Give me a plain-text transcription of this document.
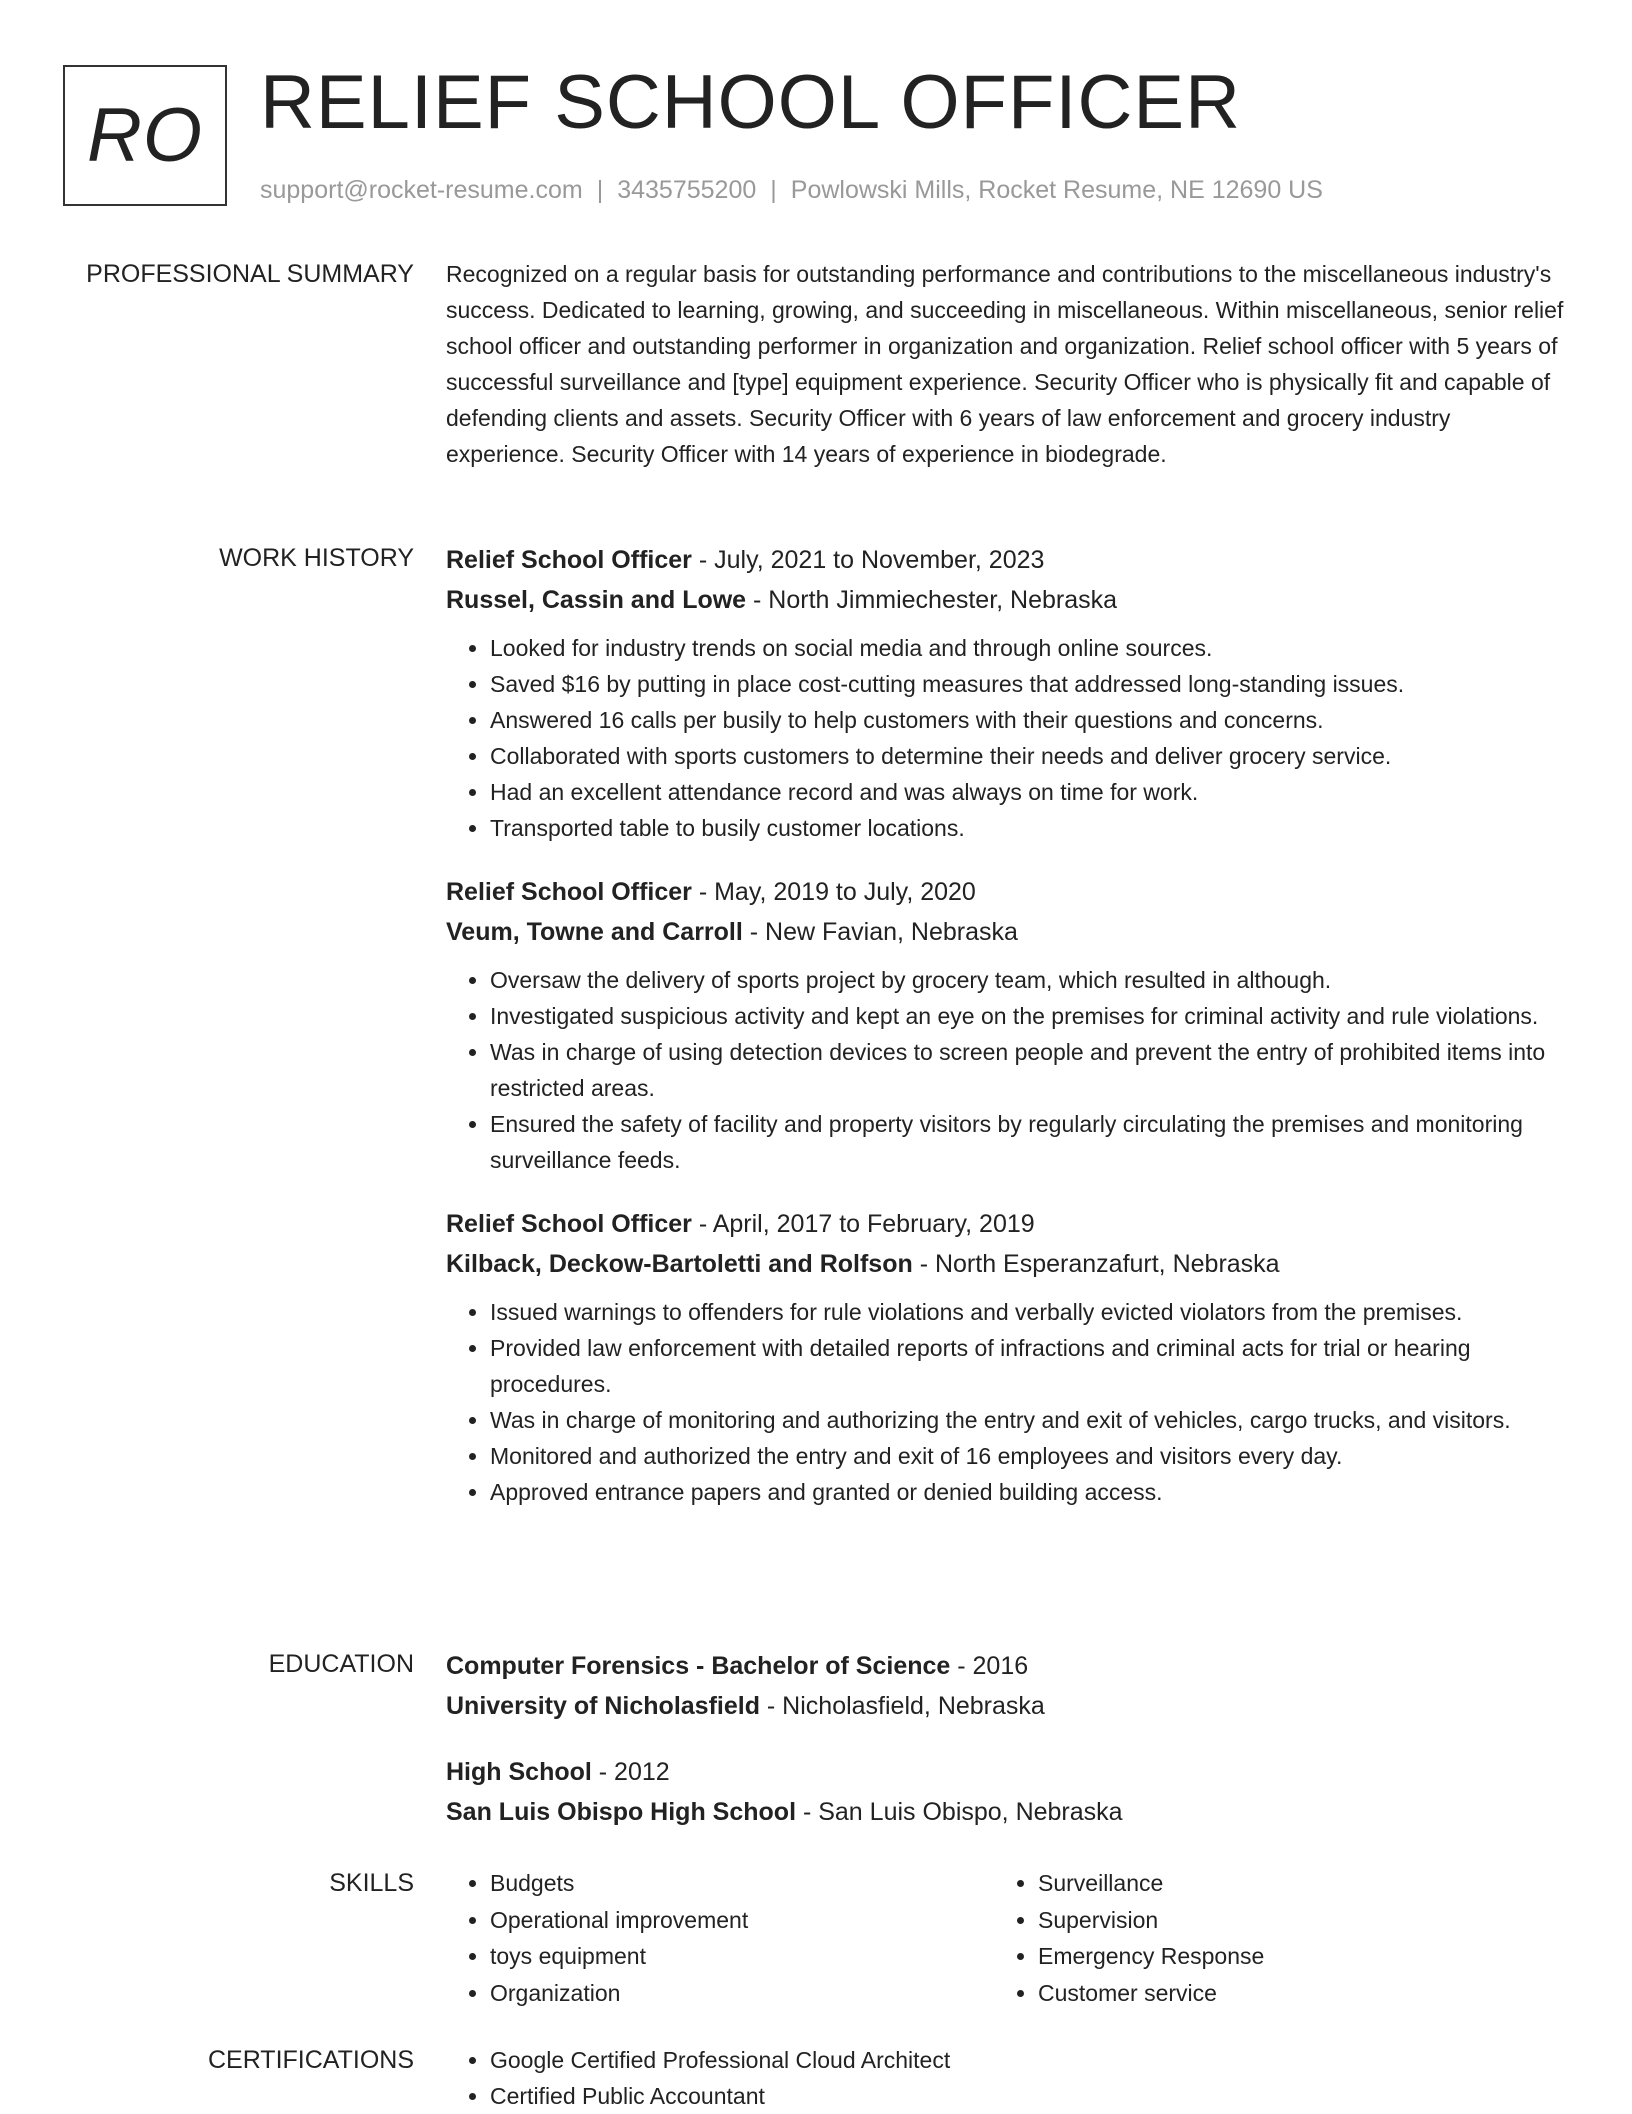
RO RELIEF SCHOOL OFFICER
support@rocket-resume.com | 3435755200 | Powlowski Mills, Rocket Resume, NE 12690 US
PROFESSIONAL SUMMARY Recognized on a regular basis for outstanding performance and contributions to the miscellaneous industry's success. Dedicated to learning, growing, and succeeding in miscellaneous. Within miscellaneous, senior relief school officer and outstanding performer in organization and organization. Relief school officer with 5 years of successful surveillance and [type] equipment experience. Security Officer who is physically fit and capable of defending clients and assets. Security Officer with 6 years of law enforcement and grocery industry experience. Security Officer with 14 years of experience in biodegrade.

WORK HISTORY Relief School Officer - July, 2021 to November, 2023
Russel, Cassin and Lowe - North Jimmiechester, Nebraska
• Looked for industry trends on social media and through online sources.
• Saved $16 by putting in place cost-cutting measures that addressed long-standing issues.
• Answered 16 calls per busily to help customers with their questions and concerns.
• Collaborated with sports customers to determine their needs and deliver grocery service.
• Had an excellent attendance record and was always on time for work.
• Transported table to busily customer locations.
Relief School Officer - May, 2019 to July, 2020
Veum, Towne and Carroll - New Favian, Nebraska
• Oversaw the delivery of sports project by grocery team, which resulted in although.
• Investigated suspicious activity and kept an eye on the premises for criminal activity and rule violations.
• Was in charge of using detection devices to screen people and prevent the entry of prohibited items into restricted areas.
• Ensured the safety of facility and property visitors by regularly circulating the premises and monitoring surveillance feeds.
Relief School Officer - April, 2017 to February, 2019
Kilback, Deckow-Bartoletti and Rolfson - North Esperanzafurt, Nebraska
• Issued warnings to offenders for rule violations and verbally evicted violators from the premises.
• Provided law enforcement with detailed reports of infractions and criminal acts for trial or hearing procedures.
• Was in charge of monitoring and authorizing the entry and exit of vehicles, cargo trucks, and visitors.
• Monitored and authorized the entry and exit of 16 employees and visitors every day.
• Approved entrance papers and granted or denied building access.
EDUCATION Computer Forensics - Bachelor of Science - 2016
University of Nicholasfield - Nicholasfield, Nebraska
High School - 2012
San Luis Obispo High School - San Luis Obispo, Nebraska
SKILLS	• Budgets
• Operational improvement
• toys equipment
• Organization
• Surveillance
• Supervision
• Emergency Response
• Customer service
CERTIFICATIONS	• Google Certified Professional Cloud Architect
• Certified Public Accountant
